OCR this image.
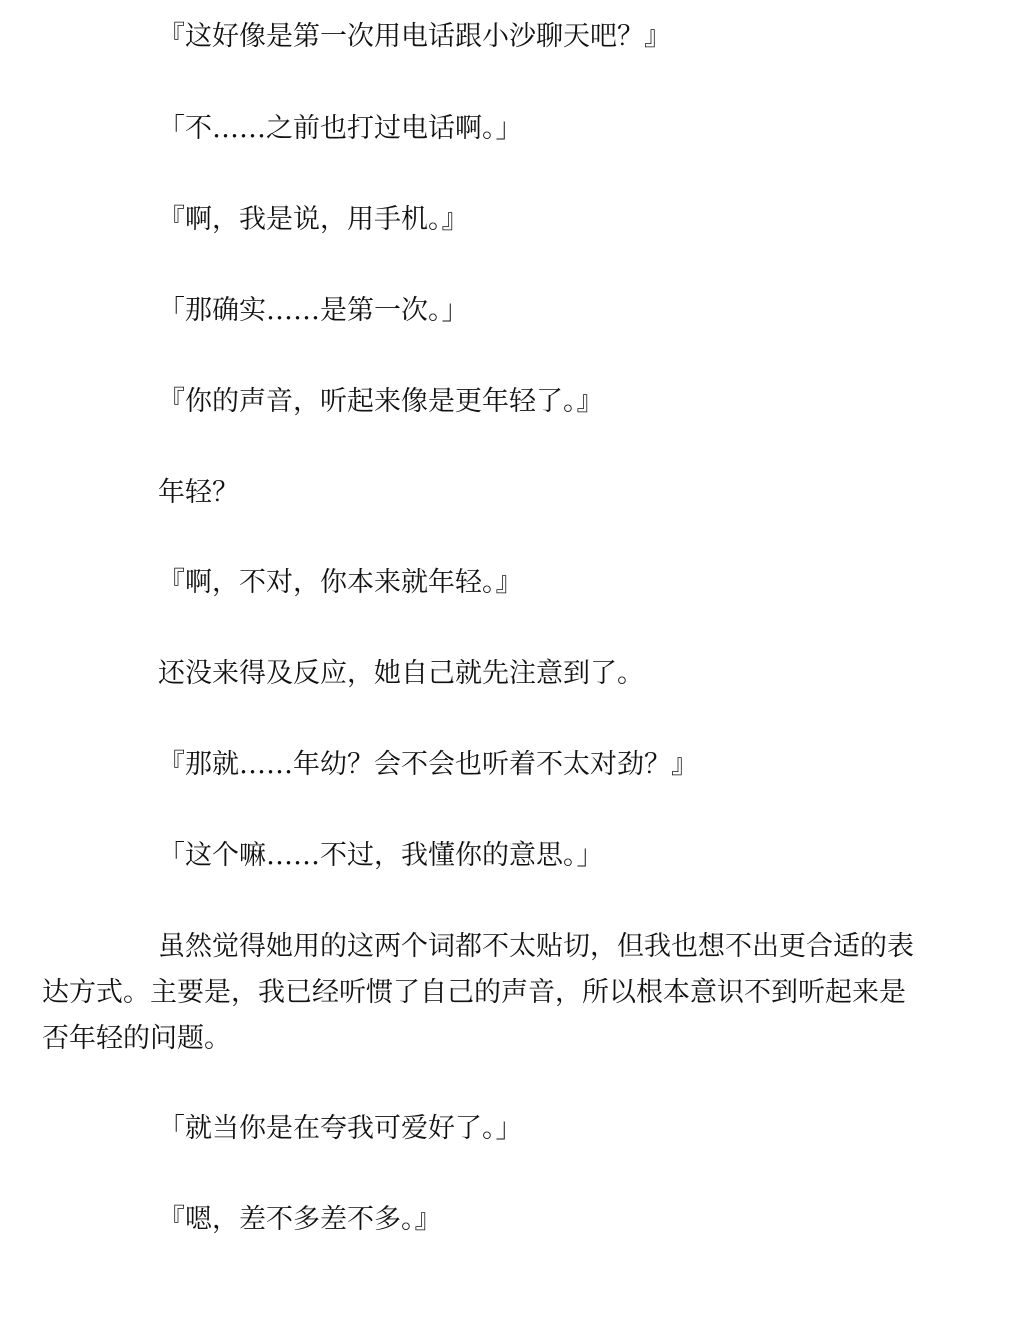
『这好像是第一次用电话跟小沙聊天吧？』

「不……之前也打过电话啊。」

『啊，我是说，用手机。』

「那确实……是第一次。」

『你的声音，听起来像是更年轻了。』

年轻？

『啊，不对，你本来就年轻。』

还没来得及反应，她自己就先注意到了。

『那就……年幼？会不会也听着不太对劲？』

「这个嘛……不过，我懂你的意思。」

虽然觉得她用的这两个词都不太贴切，但我也想不出更合适的表
达方式。主要是，我已经听惯了自己的声音，所以根本意识不到听起来是
否年轻的问题。

「就当你是在夸我可爱好了。」

『嗯，差不多差不多。』
